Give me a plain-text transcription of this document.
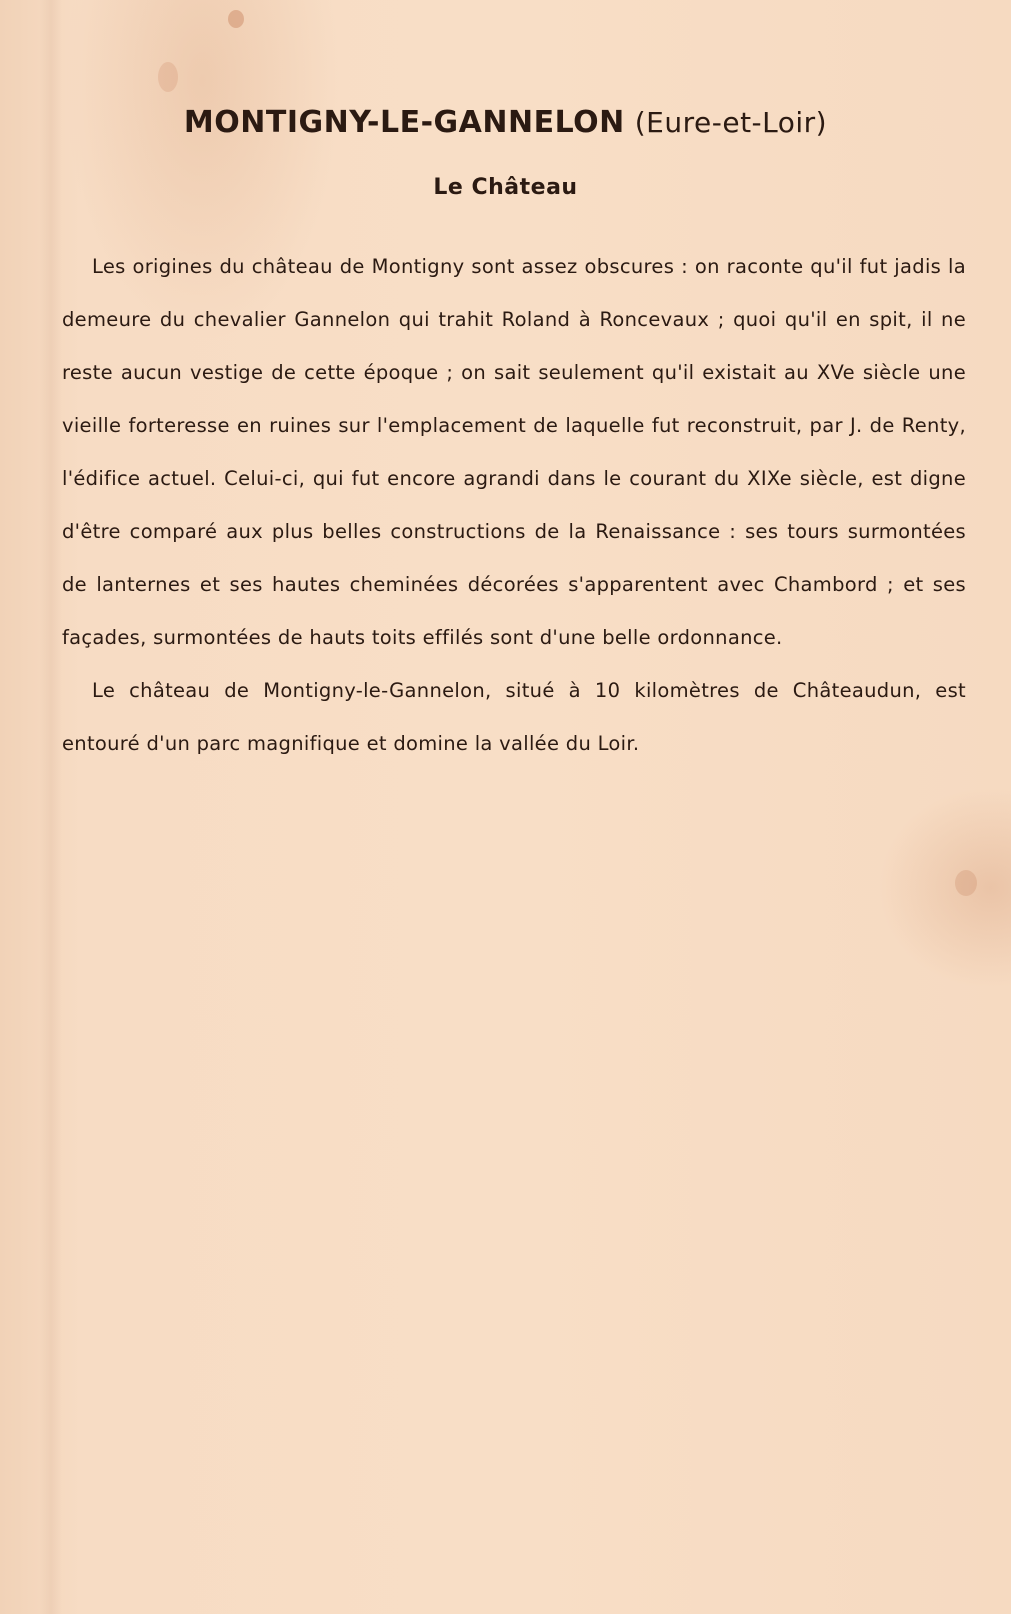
MONTIGNY-LE-GANNELON (Eure-et-Loir)
Le Château

Les origines du château de Montigny sont assez obscures : on raconte qu'il fut jadis la demeure du chevalier Gannelon qui trahit Roland à Roncevaux ; quoi qu'il en spit, il ne reste aucun vestige de cette époque ; on sait seulement qu'il existait au XVe siècle une vieille forteresse en ruines sur l'emplacement de laquelle fut reconstruit, par J. de Renty, l'édifice actuel. Celui-ci, qui fut encore agrandi dans le courant du XIXe siècle, est digne d'être comparé aux plus belles constructions de la Renaissance : ses tours surmontées de lanternes et ses hautes cheminées décorées s'apparentent avec Chambord ; et ses façades, surmontées de hauts toits effilés sont d'une belle ordonnance.

Le château de Montigny-le-Gannelon, situé à 10 kilomètres de Châteaudun, est entouré d'un parc magnifique et domine la vallée du Loir.
